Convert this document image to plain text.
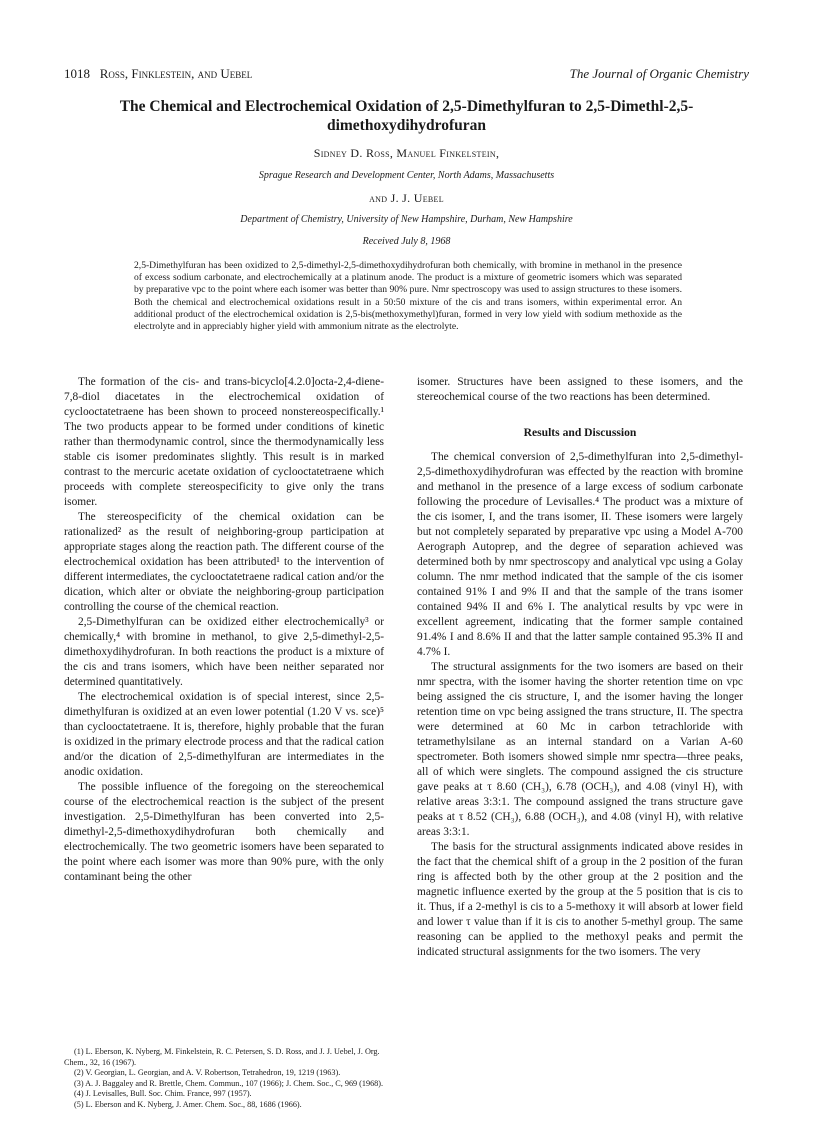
1018 Ross, Finklestein, and Uebel	The Journal of Organic Chemistry
The Chemical and Electrochemical Oxidation of 2,5-Dimethylfuran to 2,5-Dimethl-2,5-dimethoxydihydrofuran
Sidney D. Ross, Manuel Finkelstein,
Sprague Research and Development Center, North Adams, Massachusetts
and J. J. Uebel
Department of Chemistry, University of New Hampshire, Durham, New Hampshire
Received July 8, 1968

2,5-Dimethylfuran has been oxidized to 2,5-dimethyl-2,5-dimethoxydihydrofuran both chemically, with bromine in methanol in the presence of excess sodium carbonate, and electrochemically at a platinum anode. The product is a mixture of geometric isomers which was separated by preparative vpc to the point where each isomer was better than 90% pure. Nmr spectroscopy was used to assign structures to these isomers. Both the chemical and electrochemical oxidations result in a 50:50 mixture of the cis and trans isomers, within experimental error. An additional product of the electrochemical oxidation is 2,5-bis(methoxymethyl)furan, formed in very low yield with sodium methoxide as the electrolyte and in appreciably higher yield with ammonium nitrate as the electrolyte.

The formation of the cis- and trans-bicyclo[4.2.0]octa-2,4-diene-7,8-diol diacetates in the electrochemical oxidation of cyclooctatetraene has been shown to proceed nonstereospecifically.¹ The two products appear to be formed under conditions of kinetic rather than thermodynamic control, since the thermodynamically less stable cis isomer predominates slightly. This result is in marked contrast to the mercuric acetate oxidation of cyclooctatetraene which proceeds with complete stereospecificity to give only the trans isomer.

The stereospecificity of the chemical oxidation can be rationalized² as the result of neighboring-group participation at appropriate stages along the reaction path. The different course of the electrochemical oxidation has been attributed¹ to the intervention of different intermediates, the cyclooctatetraene radical cation and/or the dication, which alter or obviate the neighboring-group participation controlling the course of the chemical reaction.

2,5-Dimethylfuran can be oxidized either electrochemically³ or chemically,⁴ with bromine in methanol, to give 2,5-dimethyl-2,5-dimethoxydihydrofuran. In both reactions the product is a mixture of the cis and trans isomers, which have been neither separated nor determined quantitatively.

The electrochemical oxidation is of special interest, since 2,5-dimethylfuran is oxidized at an even lower potential (1.20 V vs. sce)⁵ than cyclooctatetraene. It is, therefore, highly probable that the furan is oxidized in the primary electrode process and that the radical cation and/or the dication of 2,5-dimethylfuran are intermediates in the anodic oxidation.

The possible influence of the foregoing on the stereochemical course of the electrochemical reaction is the subject of the present investigation. 2,5-Dimethylfuran has been converted into 2,5-dimethyl-2,5-dimethoxydihydrofuran both chemically and electrochemically. The two geometric isomers have been separated to the point where each isomer was more than 90% pure, with the only contaminant being the other

isomer. Structures have been assigned to these isomers, and the stereochemical course of the two reactions has been determined.

Results and Discussion

The chemical conversion of 2,5-dimethylfuran into 2,5-dimethyl-2,5-dimethoxydihydrofuran was effected by the reaction with bromine and methanol in the presence of a large excess of sodium carbonate following the procedure of Levisalles.⁴ The product was a mixture of the cis isomer, I, and the trans isomer, II. These isomers were largely but not completely separated by preparative vpc using a Model A-700 Aerograph Autoprep, and the degree of separation achieved was determined both by nmr spectroscopy and analytical vpc using a Golay column. The nmr method indicated that the sample of the cis isomer contained 91% I and 9% II and that the sample of the trans isomer contained 94% II and 6% I. The analytical results by vpc were in excellent agreement, indicating that the former sample contained 91.4% I and 8.6% II and that the latter sample contained 95.3% II and 4.7% I.

The structural assignments for the two isomers are based on their nmr spectra, with the isomer having the shorter retention time on vpc being assigned the cis structure, I, and the isomer having the longer retention time on vpc being assigned the trans structure, II. The spectra were determined at 60 Mc in carbon tetrachloride with tetramethylsilane as an internal standard on a Varian A-60 spectrometer. Both isomers showed simple nmr spectra—three peaks, all of which were singlets. The compound assigned the cis structure gave peaks at τ 8.60 (CH₃), 6.78 (OCH₃), and 4.08 (vinyl H), with relative areas 3:3:1. The compound assigned the trans structure gave peaks at τ 8.52 (CH₃), 6.88 (OCH₃), and 4.08 (vinyl H), with relative areas 3:3:1.

The basis for the structural assignments indicated above resides in the fact that the chemical shift of a group in the 2 position of the furan ring is affected both by the other group at the 2 position and the magnetic influence exerted by the group at the 5 position that is cis to it. Thus, if a 2-methyl is cis to a 5-methoxy it will absorb at lower field and lower τ value than if it is cis to another 5-methyl group. The same reasoning can be applied to the methoxyl peaks and permit the indicated structural assignments for the two isomers. The very

(1) L. Eberson, K. Nyberg, M. Finkelstein, R. C. Petersen, S. D. Ross, and J. J. Uebel, J. Org. Chem., 32, 16 (1967).
(2) V. Georgian, L. Georgian, and A. V. Robertson, Tetrahedron, 19, 1219 (1963).
(3) A. J. Baggaley and R. Brettle, Chem. Commun., 107 (1966); J. Chem. Soc., C, 969 (1968).
(4) J. Levisalles, Bull. Soc. Chim. France, 997 (1957).
(5) L. Eberson and K. Nyberg, J. Amer. Chem. Soc., 88, 1686 (1966).
